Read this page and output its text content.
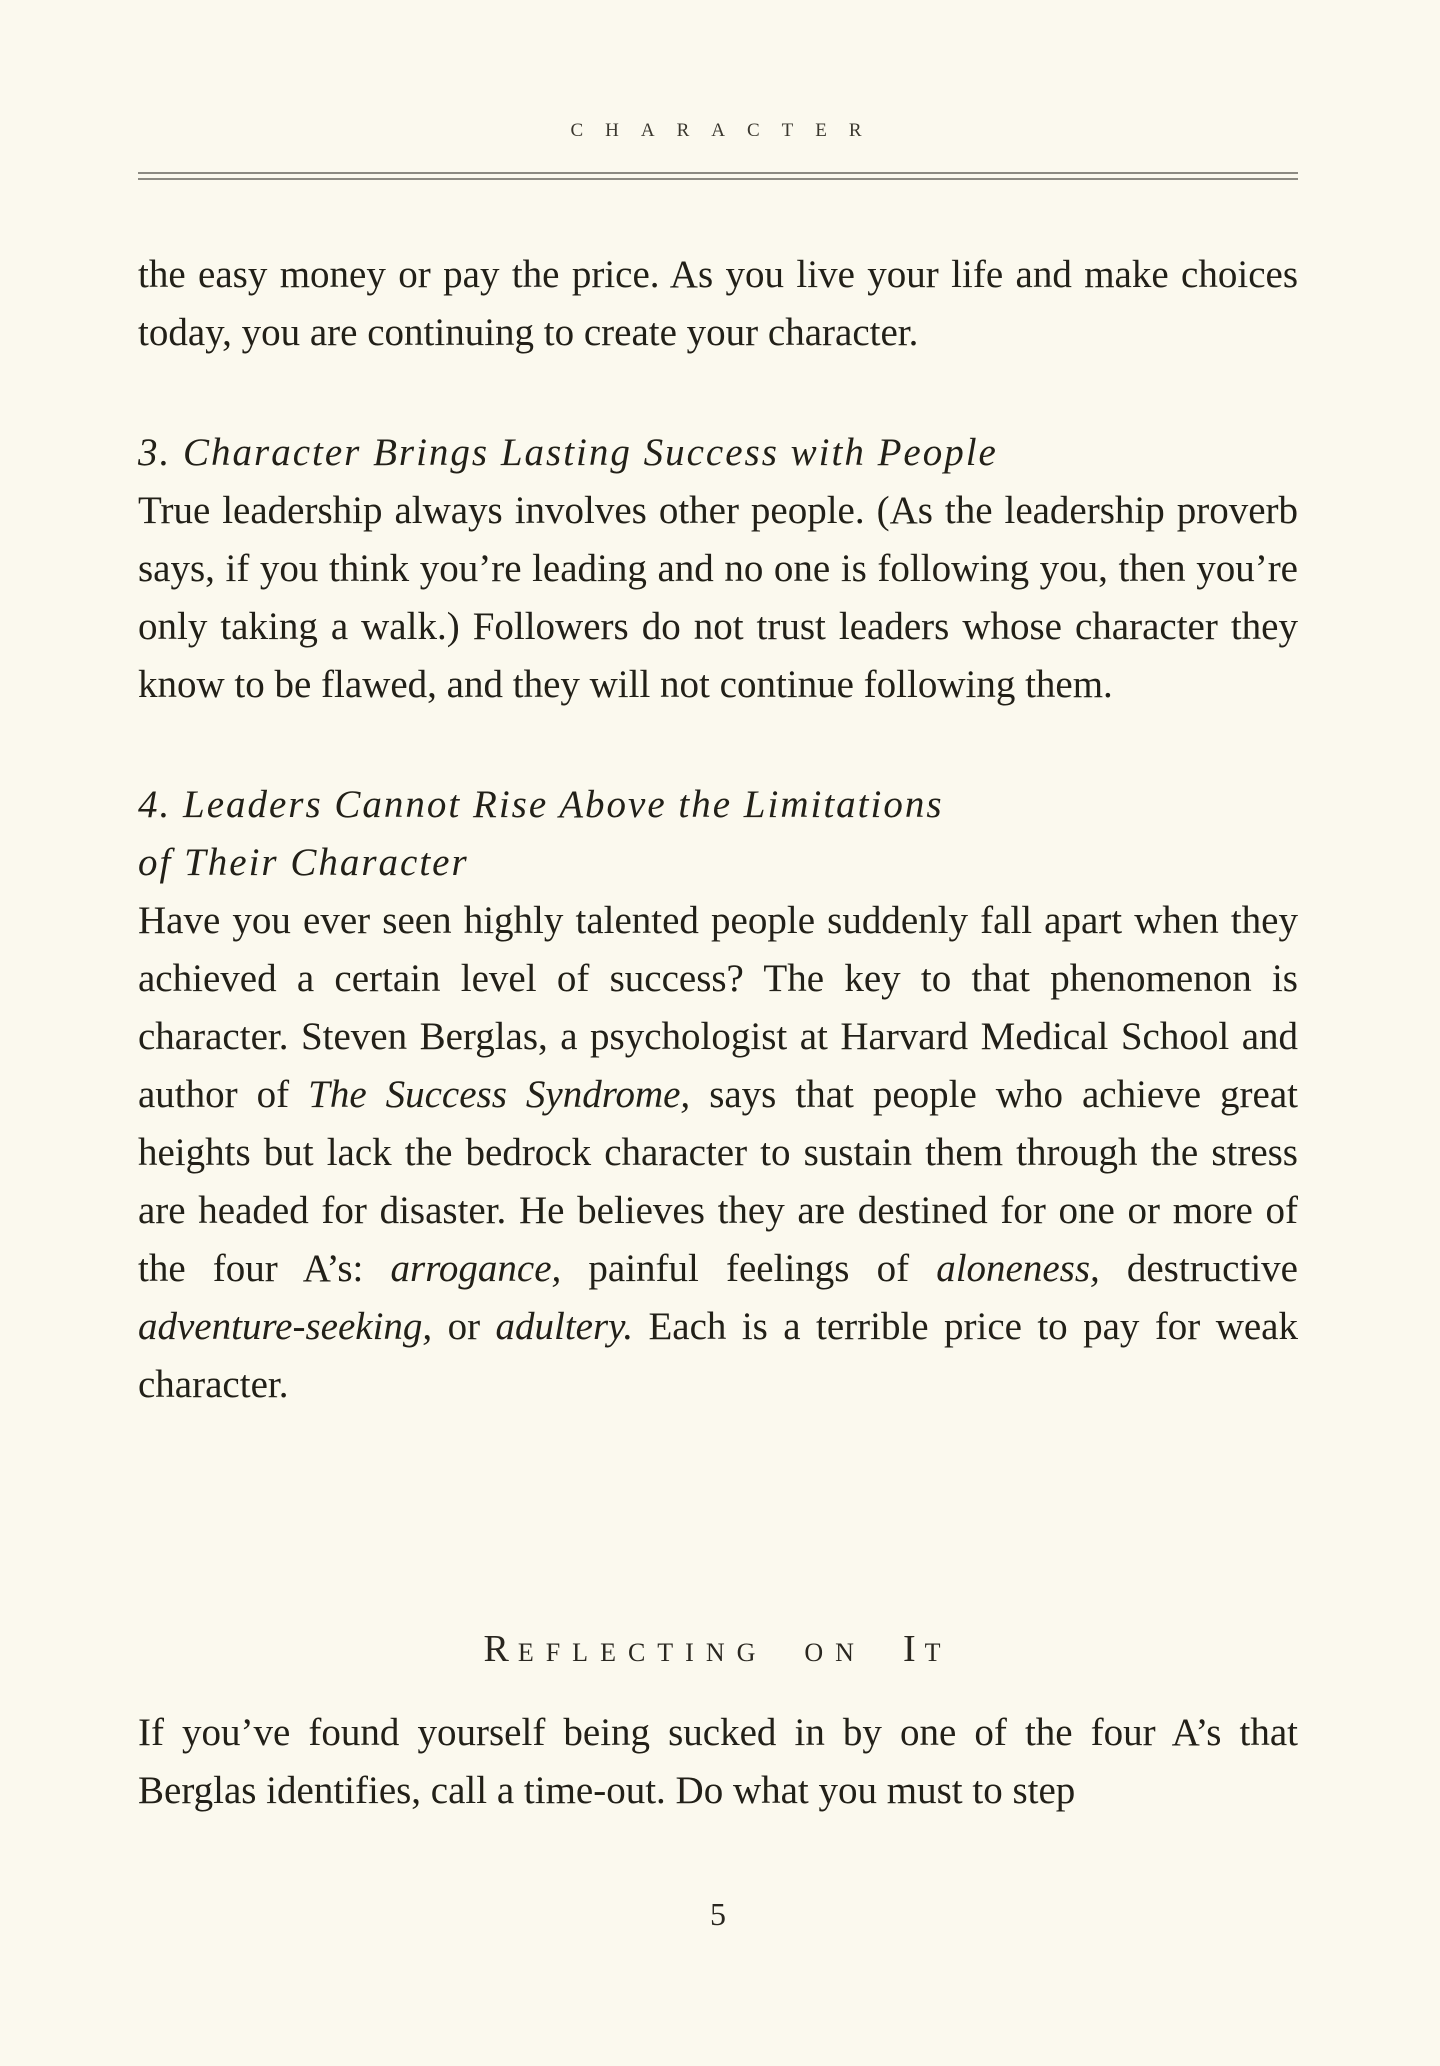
CHARACTER

the easy money or pay the price. As you live your life and make choices today, you are continuing to create your character.

3. Character Brings Lasting Success with People

True leadership always involves other people. (As the leadership proverb says, if you think you’re leading and no one is following you, then you’re only taking a walk.) Followers do not trust leaders whose character they know to be flawed, and they will not continue following them.

4. Leaders Cannot Rise Above the Limitations

of Their Character

Have you ever seen highly talented people suddenly fall apart when they achieved a certain level of success? The key to that phenomenon is character. Steven Berglas, a psychologist at Harvard Medical School and author of The Success Syndrome, says that people who achieve great heights but lack the bedrock character to sustain them through the stress are headed for disaster. He believes they are destined for one or more of the four A’s: arrogance, painful feelings of aloneness, destructive adventure-seeking, or adultery. Each is a terrible price to pay for weak character.

REFLECTING ON IT

If you’ve found yourself being sucked in by one of the four A’s that Berglas identifies, call a time-out. Do what you must to step

5
